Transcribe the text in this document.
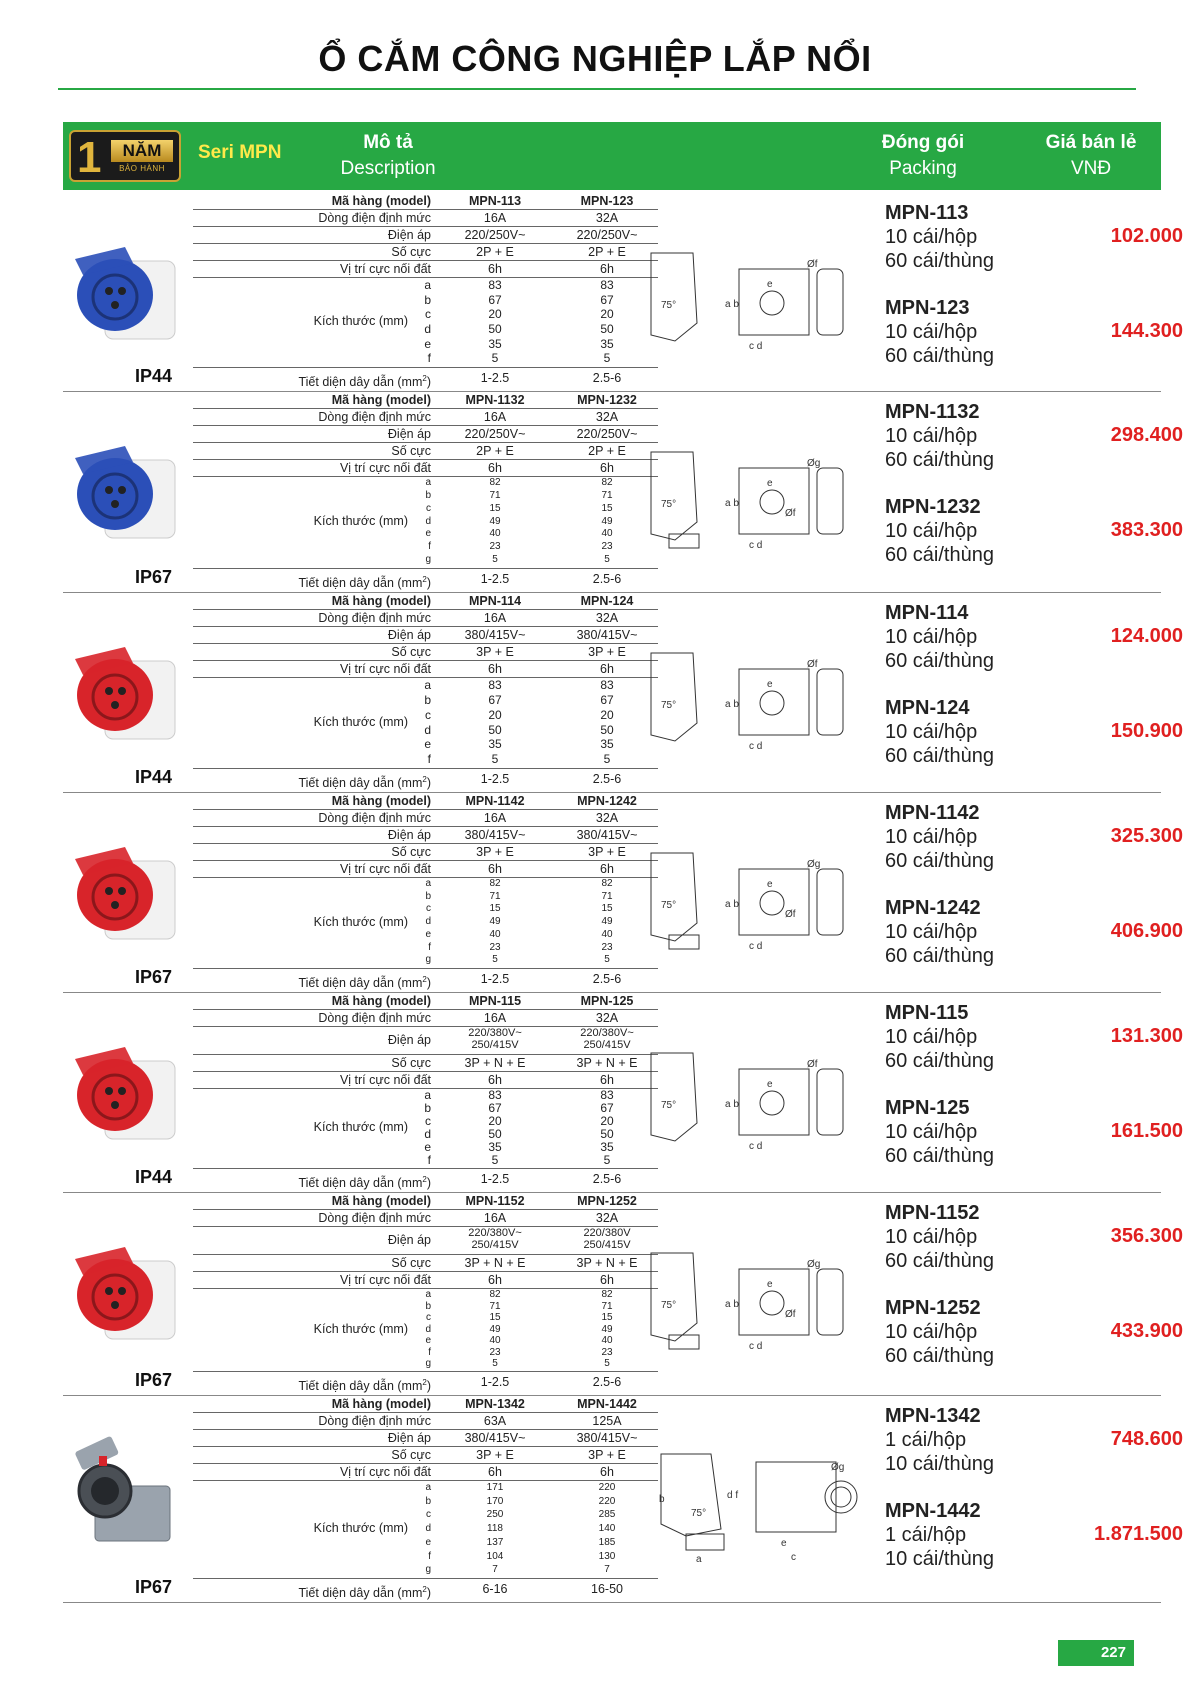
Ổ CẮM CÔNG NGHIỆP LẮP NỔI
1	NĂM
BẢO HÀNH
Seri MPN	Mô tả
Description
Đóng gói
Packing
Giá bán lẻ
VNĐ
IP44
Mã hàng (model)	MPN-113	MPN-123
Dòng điện định mức	16A	32A
Điện áp	220/250V~	220/250V~
Số cực	2P + E	2P + E
Vị trí cực nối đất	6h	6h
a	83	83
b	67	67
c	20	20
d	50	50
e	35	35
f	5	5
Kích thước (mm)
Tiết diện dây dẫn $(mm^2)$	1-2.5	2.5-6
75°	a b
c d
e
Øf
MPN-113
10 cái/hộp
60 cái/thùng
102.000
MPN-123
10 cái/hộp
60 cái/thùng
144.300
IP67
Mã hàng (model)	MPN-1132	MPN-1232
Dòng điện định mức	16A	32A
Điện áp	220/250V~	220/250V~
Số cực	2P + E	2P + E
Vị trí cực nối đất	6h	6h
a	82	82
b	71	71
c	15	15
d	49	49
e	40	40
f	23	23
g	5	5
Kích thước (mm)
Tiết diện dây dẫn $(mm^2)$	1-2.5	2.5-6
75°	a b
c d
e
Øg
Øf
MPN-1132
10 cái/hộp
60 cái/thùng
298.400
MPN-1232
10 cái/hộp
60 cái/thùng
383.300
IP44
Mã hàng (model)	MPN-114	MPN-124
Dòng điện định mức	16A	32A
Điện áp	380/415V~	380/415V~
Số cực	3P + E	3P + E
Vị trí cực nối đất	6h	6h
a	83	83
b	67	67
c	20	20
d	50	50
e	35	35
f	5	5
Kích thước (mm)
Tiết diện dây dẫn $(mm^2)$	1-2.5	2.5-6
75°	a b
c d
e
Øf
MPN-114
10 cái/hộp
60 cái/thùng
124.000
MPN-124
10 cái/hộp
60 cái/thùng
150.900
IP67
Mã hàng (model)	MPN-1142	MPN-1242
Dòng điện định mức	16A	32A
Điện áp	380/415V~	380/415V~
Số cực	3P + E	3P + E
Vị trí cực nối đất	6h	6h
a	82	82
b	71	71
c	15	15
d	49	49
e	40	40
f	23	23
g	5	5
Kích thước (mm)
Tiết diện dây dẫn $(mm^2)$	1-2.5	2.5-6
75°	a b
c d
e
Øg
Øf
MPN-1142
10 cái/hộp
60 cái/thùng
325.300
MPN-1242
10 cái/hộp
60 cái/thùng
406.900
IP44
Mã hàng (model)	MPN-115	MPN-125
Dòng điện định mức	16A	32A
Điện áp	220/380V~ 250/415V
220/380V~ 250/415V
Số cực	3P + N + E	3P + N + E
Vị trí cực nối đất	6h	6h
a	83	83
b	67	67
c	20	20
d	50	50
e	35	35
f	5	5
Kích thước (mm)
Tiết diện dây dẫn $(mm^2)$	1-2.5	2.5-6
75°	a b
c d
e
Øf
MPN-115
10 cái/hộp
60 cái/thùng
131.300
MPN-125
10 cái/hộp
60 cái/thùng
161.500
IP67
Mã hàng (model)	MPN-1152	MPN-1252
Dòng điện định mức	16A	32A
Điện áp	220/380V~ 250/415V
220/380V 250/415V
Số cực	3P + N + E	3P + N + E
Vị trí cực nối đất	6h	6h
a	82	82
b	71	71
c	15	15
d	49	49
e	40	40
f	23	23
g	5	5
Kích thước (mm)
Tiết diện dây dẫn $(mm^2)$	1-2.5	2.5-6
75°	a b
c d
e
Øg
Øf
MPN-1152
10 cái/hộp
60 cái/thùng
356.300
MPN-1252
10 cái/hộp
60 cái/thùng
433.900
IP67
Mã hàng (model)	MPN-1342	MPN-1442
Dòng điện định mức	63A	125A
Điện áp	380/415V~	380/415V~
Số cực	3P + E	3P + E
Vị trí cực nối đất	6h	6h
a	171	220
b	170	220
c	250	285
d	118	140
e	137	185
f	104	130
g	7	7
Kích thước (mm)
Tiết diện dây dẫn $(mm^2)$	6-16	16-50
75°
b
a
d f
e
c
Øg
MPN-1342
1 cái/hộp
10 cái/thùng
748.600
MPN-1442
1 cái/hộp
10 cái/thùng
1.871.500
227
